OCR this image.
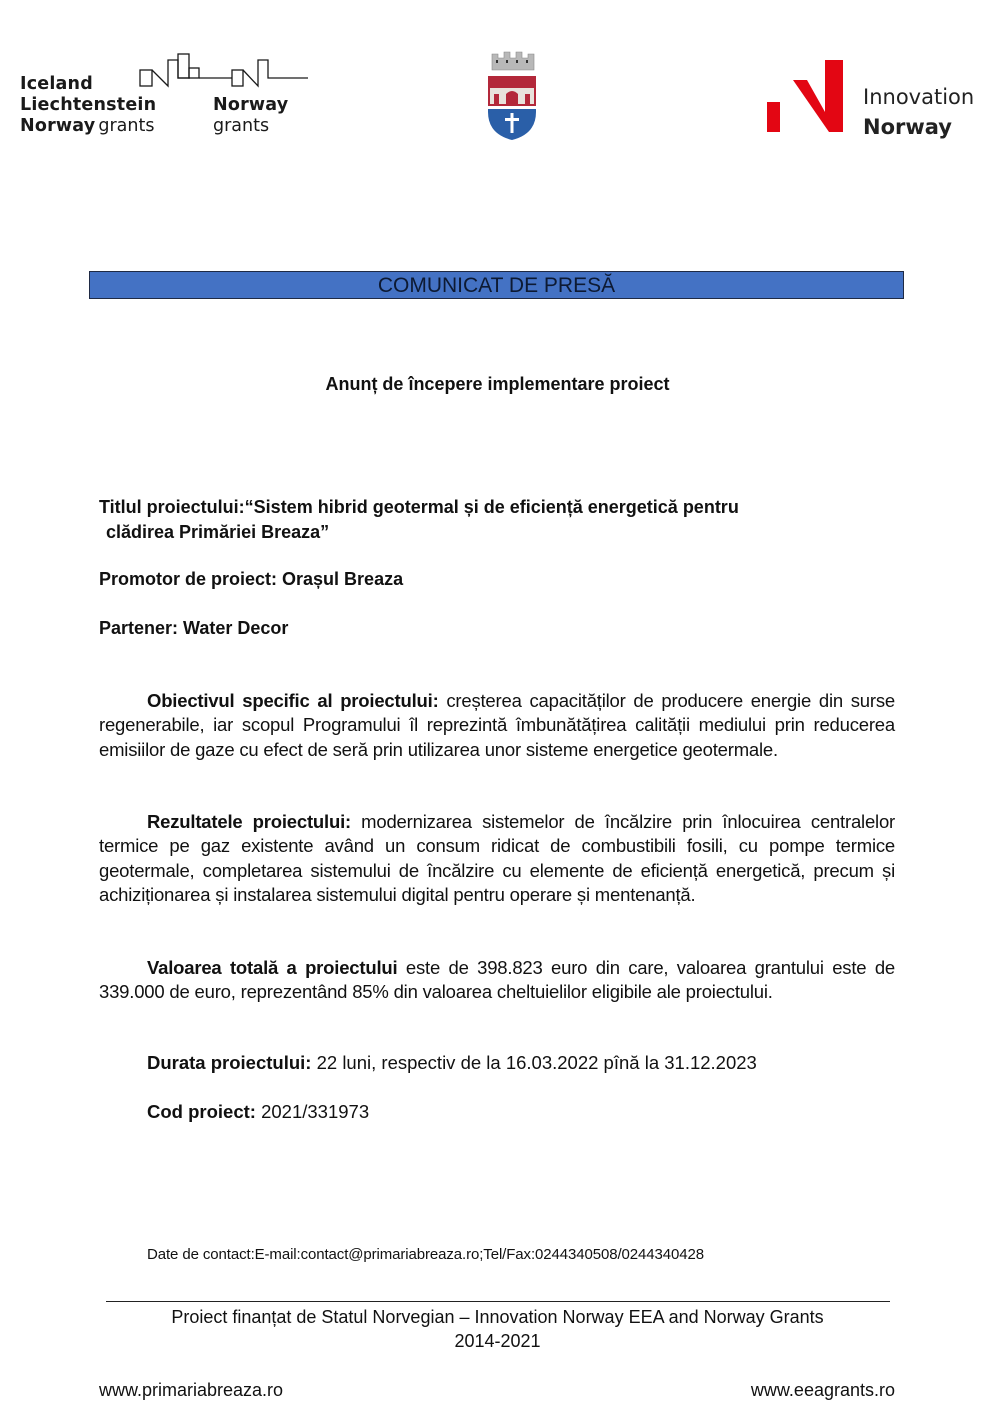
Iceland
Liechtenstein
Norway grants
Norway
grants
Innovation
Norway
COMUNICAT DE PRESĂ
Anunț de începere implementare proiect
Titlul proiectului:“Sistem hibrid geotermal și de eficiență energetică pentru
clădirea Primăriei Breaza”
Promotor de proiect: Orașul Breaza
Partener: Water Decor
Obiectivul specific al proiectului: creșterea capacităților de producere energie din surse regenerabile, iar scopul Programului îl reprezintă îmbunătățirea calității mediului prin reducerea emisiilor de gaze cu efect de seră prin utilizarea unor sisteme energetice geotermale.
Rezultatele proiectului: modernizarea sistemelor de încălzire prin înlocuirea centralelor termice pe gaz existente având un consum ridicat de combustibili fosili, cu pompe termice geotermale, completarea sistemului de încălzire cu elemente de eficiență energetică, precum și achiziționarea și instalarea sistemului digital pentru operare și mentenanță.
Valoarea totală a proiectului este de 398.823 euro din care, valoarea grantului este de 339.000 de euro, reprezentând 85% din valoarea cheltuielilor eligibile ale proiectului.
Durata proiectului: 22 luni, respectiv de la 16.03.2022 pînă la 31.12.2023
Cod proiect: 2021/331973
Date de contact:E-mail:contact@primariabreaza.ro;Tel/Fax:0244340508/0244340428
Proiect finanțat de Statul Norvegian – Innovation Norway EEA and Norway Grants
2014-2021
www.primariabreaza.ro	www.eeagrants.ro
